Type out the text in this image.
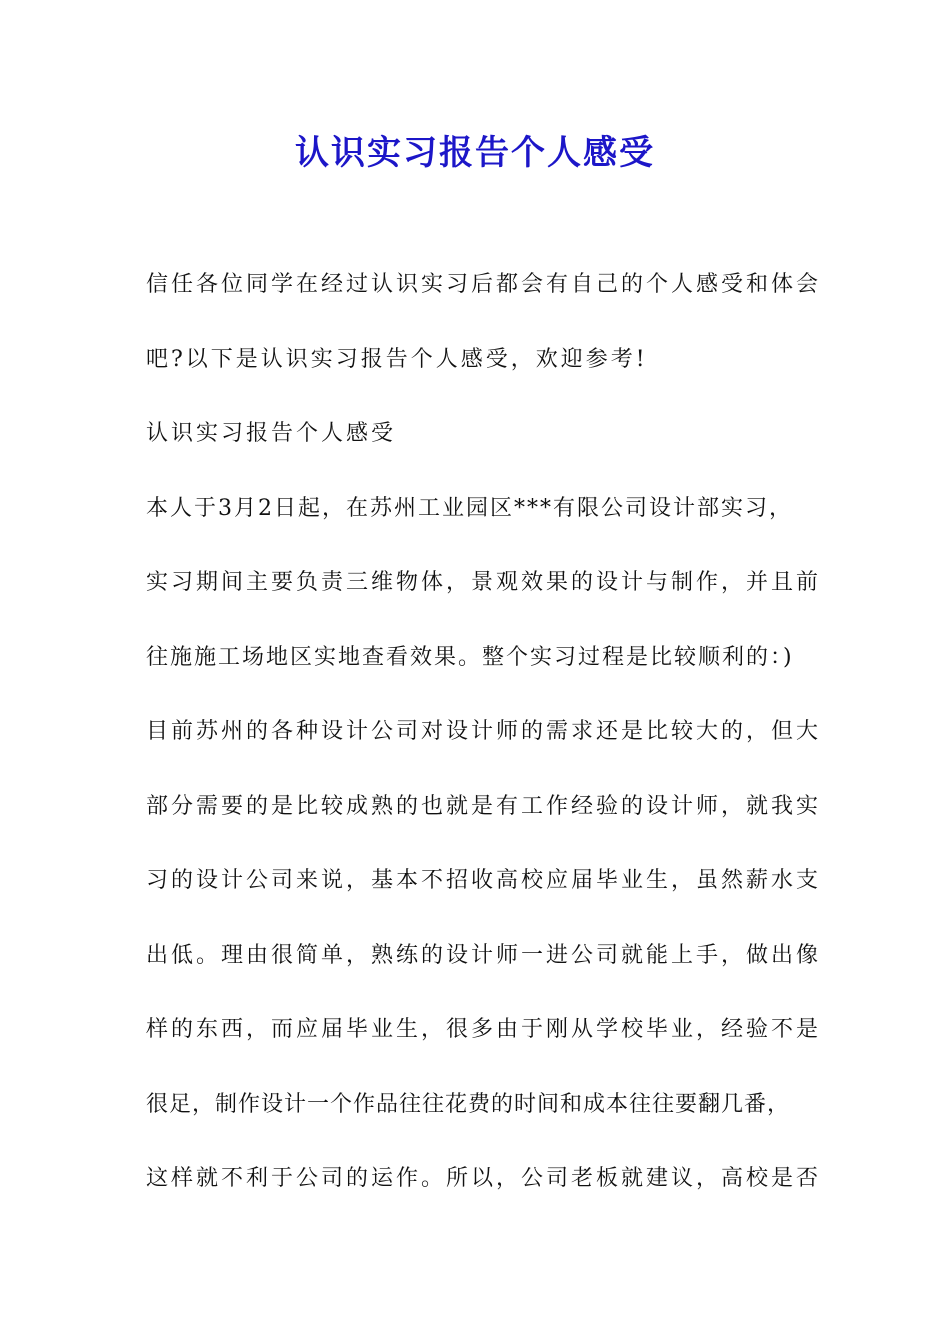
认识实习报告个人感受
信任各位同学在经过认识实习后都会有自己的个人感受和体会
吧?以下是认识实习报告个人感受，欢迎参考!
认识实习报告个人感受
本人于3月2日起，在苏州工业园区***有限公司设计部实习，
实习期间主要负责三维物体，景观效果的设计与制作，并且前
往施施工场地区实地查看效果。整个实习过程是比较顺利的：)
目前苏州的各种设计公司对设计师的需求还是比较大的，但大
部分需要的是比较成熟的也就是有工作经验的设计师，就我实
习的设计公司来说，基本不招收高校应届毕业生，虽然薪水支
出低。理由很简单，熟练的设计师一进公司就能上手，做出像
样的东西，而应届毕业生，很多由于刚从学校毕业，经验不是
很足，制作设计一个作品往往花费的时间和成本往往要翻几番，
这样就不利于公司的运作。所以，公司老板就建议，高校是否
